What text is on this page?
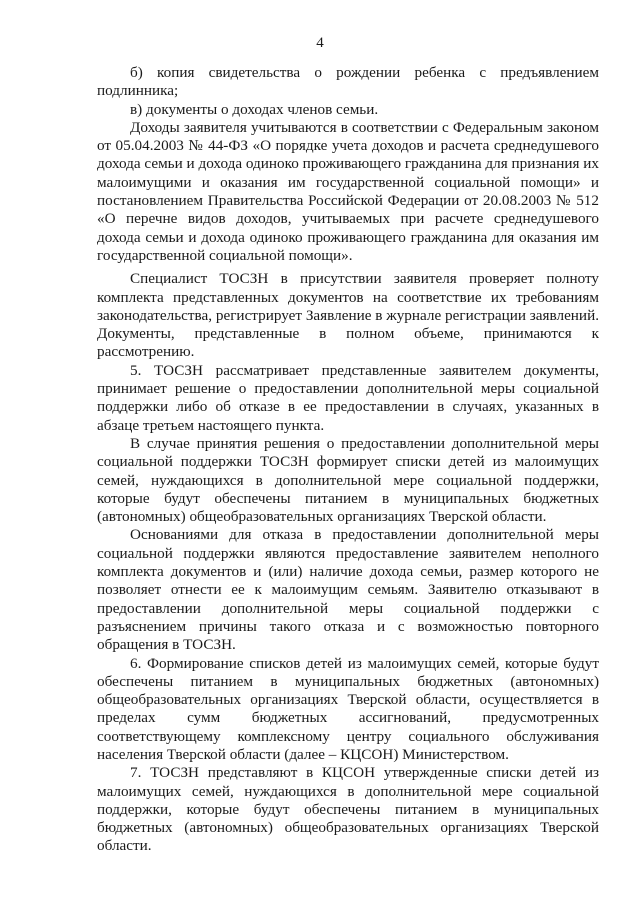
4

б) копия свидетельства о рождении ребенка с предъявлением подлинника;

в) документы о доходах членов семьи.

Доходы заявителя учитываются в соответствии с Федеральным законом от 05.04.2003 № 44-ФЗ «О порядке учета доходов и расчета среднедушевого дохода семьи и дохода одиноко проживающего гражданина для признания их малоимущими и оказания им государственной социальной помощи» и постановлением Правительства Российской Федерации от 20.08.2003 № 512 «О перечне видов доходов, учитываемых при расчете среднедушевого дохода семьи и дохода одиноко проживающего гражданина для оказания им государственной социальной помощи».

Специалист ТОСЗН в присутствии заявителя проверяет полноту комплекта представленных документов на соответствие их требованиям законодательства, регистрирует Заявление в журнале регистрации заявлений. Документы, представленные в полном объеме, принимаются к рассмотрению.

5. ТОСЗН рассматривает представленные заявителем документы, принимает решение о предоставлении дополнительной меры социальной поддержки либо об отказе в ее предоставлении в случаях, указанных в абзаце третьем настоящего пункта.

В случае принятия решения о предоставлении дополнительной меры социальной поддержки ТОСЗН формирует списки детей из малоимущих семей, нуждающихся в дополнительной мере социальной поддержки, которые будут обеспечены питанием в муниципальных бюджетных (автономных) общеобразовательных организациях Тверской области.

Основаниями для отказа в предоставлении дополнительной меры социальной поддержки являются предоставление заявителем неполного комплекта документов и (или) наличие дохода семьи, размер которого не позволяет отнести ее к малоимущим семьям. Заявителю отказывают в предоставлении дополнительной меры социальной поддержки с разъяснением причины такого отказа и с возможностью повторного обращения в ТОСЗН.

6. Формирование списков детей из малоимущих семей, которые будут обеспечены питанием в муниципальных бюджетных (автономных) общеобразовательных организациях Тверской области, осуществляется в пределах сумм бюджетных ассигнований, предусмотренных соответствующему комплексному центру социального обслуживания населения Тверской области (далее – КЦСОН) Министерством.

7. ТОСЗН представляют в КЦСОН утвержденные списки детей из малоимущих семей, нуждающихся в дополнительной мере социальной поддержки, которые будут обеспечены питанием в муниципальных бюджетных (автономных) общеобразовательных организациях Тверской области.
